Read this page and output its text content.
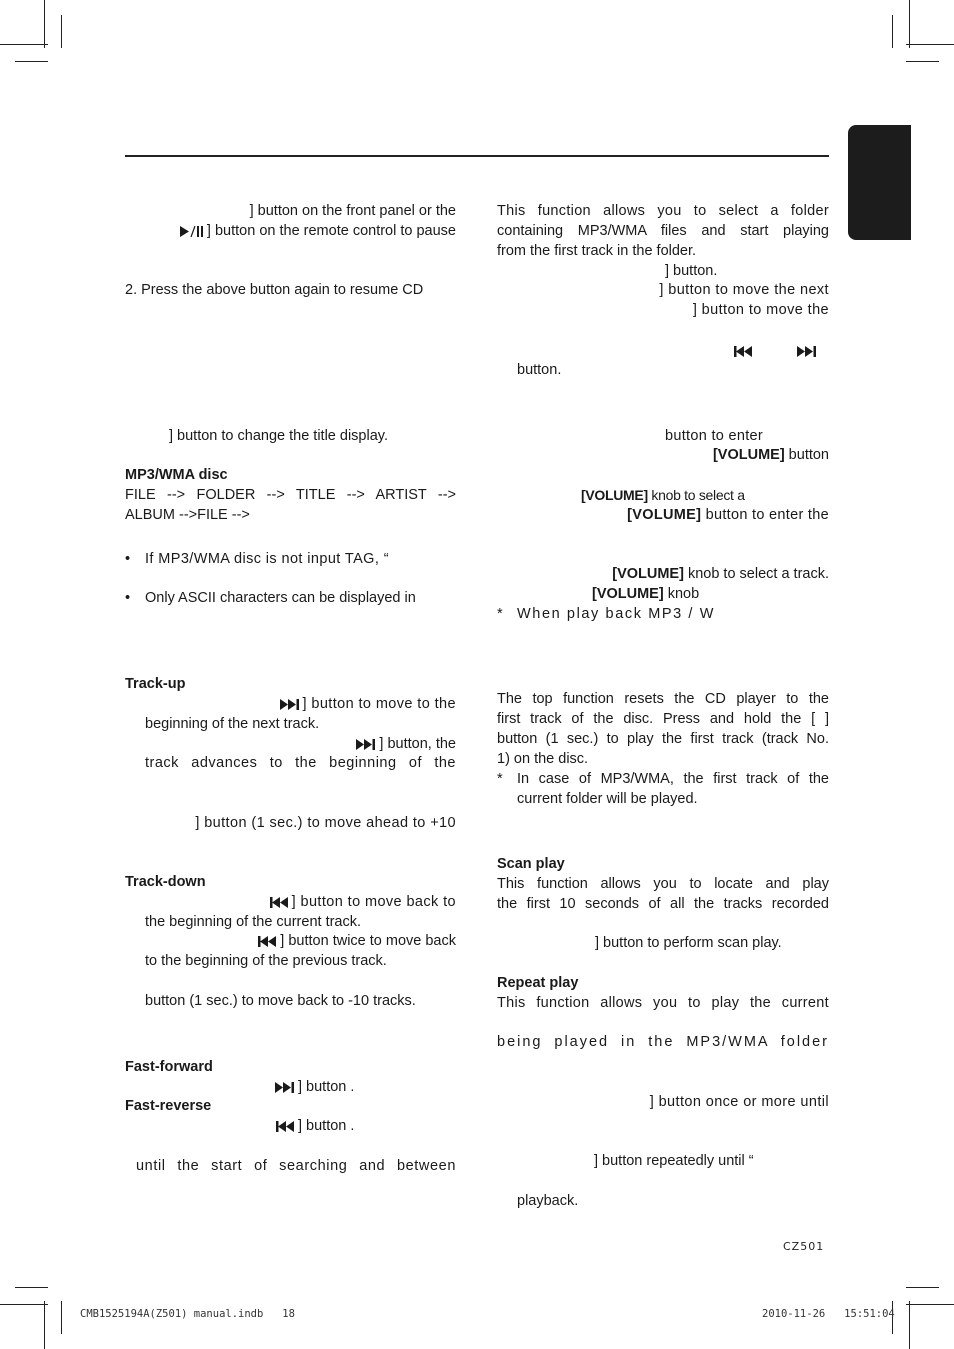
] button on the front panel or the
] button on the remote control to pause
2. Press the above button again to resume CD
] button to change the title display.
MP3/WMA disc
FILE --> FOLDER --> TITLE --> ARTIST -->
ALBUM -->FILE -->
• If MP3/WMA disc is not input TAG, “
• Only ASCII characters can be displayed in
Track-up
] button to move to the
beginning of the next track.
] button, the
track advances to the beginning of the
] button (1 sec.) to move ahead to +10
Track-down
] button to move back to
the beginning of the current track.
] button twice to move back
to the beginning of the previous track.
button (1 sec.) to move back to -10 tracks.
Fast-forward
] button .
Fast-reverse
] button .
until the start of searching and between
This function allows you to select a folder
containing MP3/WMA files and start playing
from the first track in the folder.
] button.
] button to move the next
] button to move the
button.
button to enter
[VOLUME] button
[VOLUME] knob to select a
[VOLUME] button to enter the
[VOLUME] knob to select a track.
[VOLUME] knob
* When play back MP3 / W
The top function resets the CD player to the
first track of the disc. Press and hold the [ ]
button (1 sec.) to play the first track (track No.
1) on the disc.
* In case of MP3/WMA, the first track of the
current folder will be played.
Scan play
This function allows you to locate and play
the first 10 seconds of all the tracks recorded
] button to perform scan play.
Repeat play
This function allows you to play the current
being played in the MP3/WMA folder
] button once or more until
] button repeatedly until “
playback.
CZ501
CMB1525194A(Z501) manual.indb   18	2010-11-26   15:51:04
